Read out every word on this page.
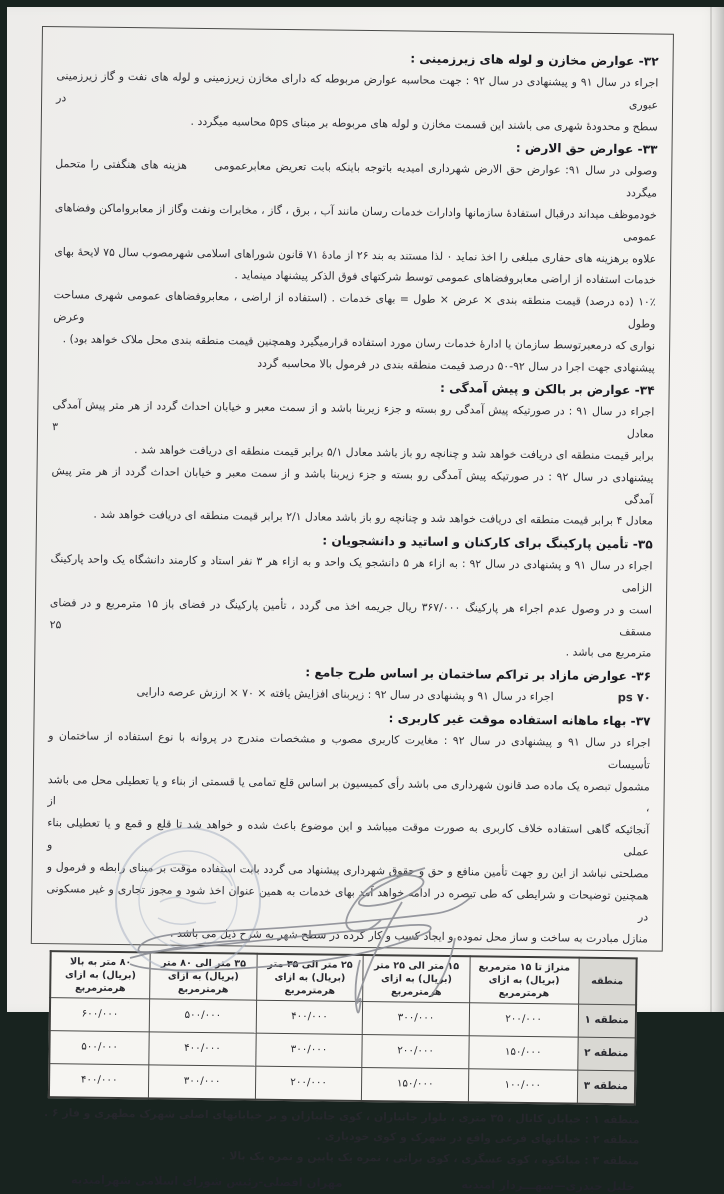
۳۲- عوارض مخازن و لوله های زیرزمینی :
اجراء در سال ۹۱ و پیشنهادی در سال ۹۲ : جهت محاسبه عوارض مربوطه که دارای مخازن زیرزمینی و لوله های نفت و گاز زیرزمینی عبوری در
سطح و محدودهٔ شهری می باشند این قسمت مخازن و لوله های مربوطه بر مبنای ۵ps محاسبه میگردد .
۳۳- عوارض حق الارض :
وصولی در سال ۹۱: عوارض حق الارض شهرداری امیدیه باتوجه باینکه بابت تعریض معابرعمومی      هزینه های هنگفتی را متحمل میگردد
خودموظف میداند درقبال استفادهٔ سازمانها وادارات خدمات رسان مانند آب ، برق ، گاز ، مخابرات ونفت وگاز از معابرواماکن وفضاهای عمومی
علاوه برهزینه های حفاری مبلغی را اخذ نماید ۰ لذا مستند به بند ۲۶ از مادهٔ ۷۱ قانون شوراهای اسلامی شهرمصوب سال ۷۵ لایحهٔ بهای
خدمات استفاده از اراضی معابروفضاهای عمومی توسط شرکتهای فوق الذکر پیشنهاد مینماید .
۱۰٪ (ده درصد) قیمت منطقه بندی × عرض × طول = بهای خدمات . (استفاده از اراضی ، معابروفضاهای عمومی شهری مساحت وطول وعرض
نواری که درمعبرتوسط سازمان یا ادارهٔ خدمات رسان مورد استفاده قرارمیگیرد وهمچنین قیمت منطقه بندی محل ملاک خواهد بود) .
پیشنهادی جهت اجرا در سال ۹۲-۵۰ درصد قیمت منطقه بندی در فرمول بالا محاسبه گردد
۳۴- عوارض بر بالکن و پیش آمدگی :
اجراء در سال ۹۱ : در صورتیکه پیش آمدگی رو بسته و جزء زیربنا باشد و از سمت معبر و خیابان احداث گردد از هر متر پیش آمدگی معادل ۳
برابر قیمت منطقه ای دریافت خواهد شد و چنانچه رو باز باشد معادل ۵/۱ برابر قیمت منطقه ای دریافت خواهد شد .
پیشنهادی در سال ۹۲ : در صورتیکه پیش آمدگی رو بسته و جزء زیربنا باشد و از سمت معبر و خیابان احداث گردد از هر متر پیش آمدگی
معادل ۴ برابر قیمت منطقه ای دریافت خواهد شد و چنانچه رو باز باشد معادل ۲/۱ برابر قیمت منطقه ای دریافت خواهد شد .
۳۵- تأمین پارکینگ برای کارکنان و اساتید و دانشجویان :
اجراء در سال ۹۱ و پشنهادی در سال ۹۲ : به ازاء هر ۵ دانشجو یک واحد و به ازاء هر ۳ نفر استاد و کارمند دانشگاه یک واحد پارکینگ الزامی
است و در وصول عدم اجراء هر پارکینگ ۳۶۷/۰۰۰ ریال جریمه اخذ می گردد ، تأمین پارکینگ در فضای باز ۱۵ مترمربع و در فضای مسقف ۲۵
مترمربع می باشد .
۳۶- عوارض مازاد بر تراکم ساختمان بر اساس طرح جامع :
۷۰ ps
اجراء در سال ۹۱ و پشنهادی در سال ۹۲ : زیربنای افزایش یافته × ۷۰ × ارزش عرصه دارایی
۳۷- بهاء ماهانه استفاده موقت غیر کاربری :
اجراء در سال ۹۱ و پیشنهادی در سال ۹۲ : مغایرت کاربری مصوب و مشخصات مندرج در پروانه با نوع استفاده از ساختمان و تأسیسات
مشمول تبصره یک ماده صد قانون شهرداری می باشد رأی کمیسیون بر اساس قلع تمامی یا قسمتی از بناء و یا تعطیلی محل می باشد ، از
آنجائیکه گاهی استفاده خلاف کاربری به صورت موقت میباشد و این موضوع باعث شده و خواهد شد تا قلع و قمع و یا تعطیلی بناء عملی و
مصلحتی نباشد از این رو جهت تأمین منافع و حق و حقوق شهرداری پیشنهاد می گردد بابت استفاده موقت بر مبنای رابطه و فرمول و
همچنین توضیحات و شرایطی که طی تبصره در ادامه خواهد آمد بهای خدمات به همین عنوان اخذ شود و مجوز تجاری و غیر مسکونی در
منازل مبادرت به ساخت و ساز محل نموده و ایجاد کسب و کار کرده در سطح شهر به شرح ذیل می باشد .
منطقه	متراژ تا ۱۵ مترمربع (بریال) به ازای هرمترمربع	۱۵ متر الی ۲۵ متر (بریال) به ازای هرمترمربع	۲۵ متر الی ۳۵ متر (بریال) به ازای هرمترمربع	۳۵ متر الی ۸۰ متر (بریال) به ازای هرمترمربع	۸۰ متر به بالا (بریال) به ازای هرمترمربع
منطقه ۱	۲۰۰/۰۰۰	۳۰۰/۰۰۰	۴۰۰/۰۰۰	۵۰۰/۰۰۰	۶۰۰/۰۰۰
منطقه ۲	۱۵۰/۰۰۰	۲۰۰/۰۰۰	۳۰۰/۰۰۰	۴۰۰/۰۰۰	۵۰۰/۰۰۰
منطقه ۳	۱۰۰/۰۰۰	۱۵۰/۰۰۰	۲۰۰/۰۰۰	۳۰۰/۰۰۰	۴۰۰/۰۰۰
منطقه ۱ : خیابان کانال ، ۳۵ متری ، بلوار جانبازان ، کوی جانبازان و بر خیابانهای اصلی شهرک مطهری و فاز ۶ .
منطقه ۲ : خیابانهای فرعی واقع در شهرک و کوی خودیاری .
منطقه ۳ : میانکوه ، کوی عسگری ، کوی براتی ، نمره یک پایین و نمره یک بالا .
خلیل حیدری—شهـــردار امیدیه
مهران افضلی-رئیس شورای اسلامی شهرامیدیه
